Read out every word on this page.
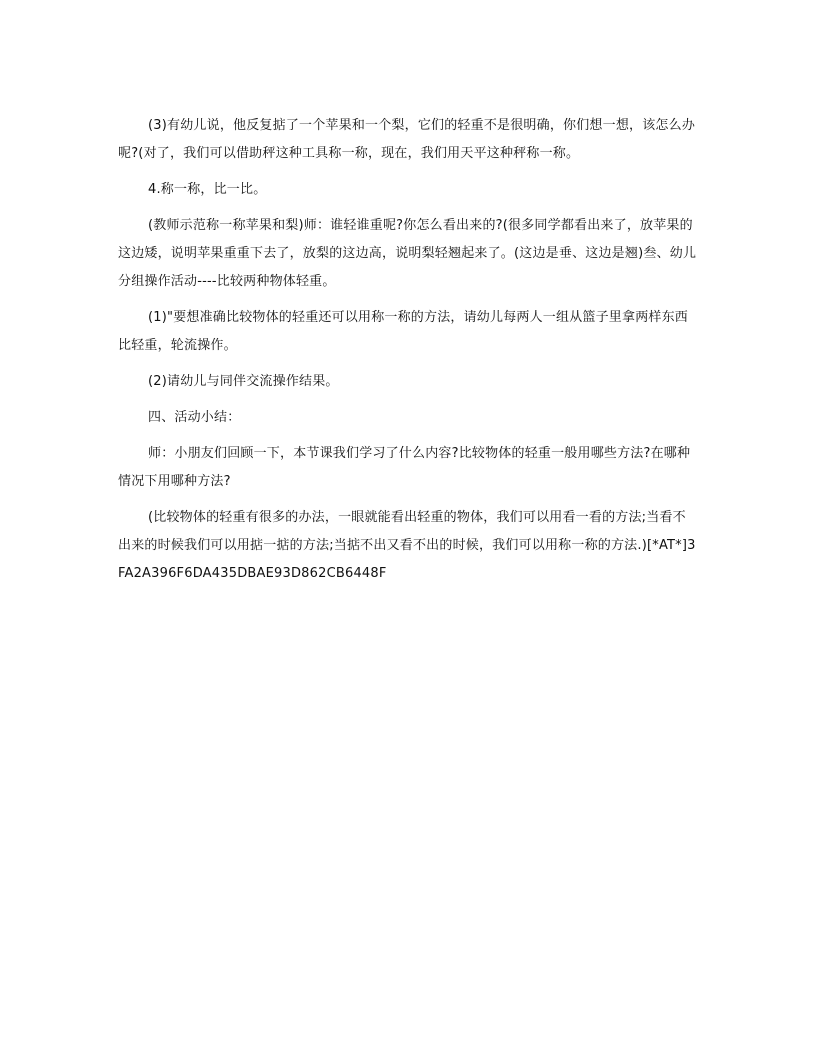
(3)有幼儿说，他反复掂了一个苹果和一个梨，它们的轻重不是很明确，你们想一想，该怎么办呢?(对了，我们可以借助秤这种工具称一称，现在，我们用天平这种秤称一称。

4.称一称，比一比。

(教师示范称一称苹果和梨)师：谁轻谁重呢?你怎么看出来的?(很多同学都看出来了，放苹果的这边矮，说明苹果重重下去了，放梨的这边高，说明梨轻翘起来了。(这边是垂、这边是翘)叁、幼儿分组操作活动----比较两种物体轻重。

(1)"要想准确比较物体的轻重还可以用称一称的方法，请幼儿每两人一组从篮子里拿两样东西比轻重，轮流操作。

(2)请幼儿与同伴交流操作结果。

四、活动小结：

师：小朋友们回顾一下，本节课我们学习了什么内容?比较物体的轻重一般用哪些方法?在哪种情况下用哪种方法?

(比较物体的轻重有很多的办法，一眼就能看出轻重的物体，我们可以用看一看的方法;当看不出来的时候我们可以用掂一掂的方法;当掂不出又看不出的时候，我们可以用称一称的方法.)[*AT*]3FA2A396F6DA435DBAE93D862CB6448F
